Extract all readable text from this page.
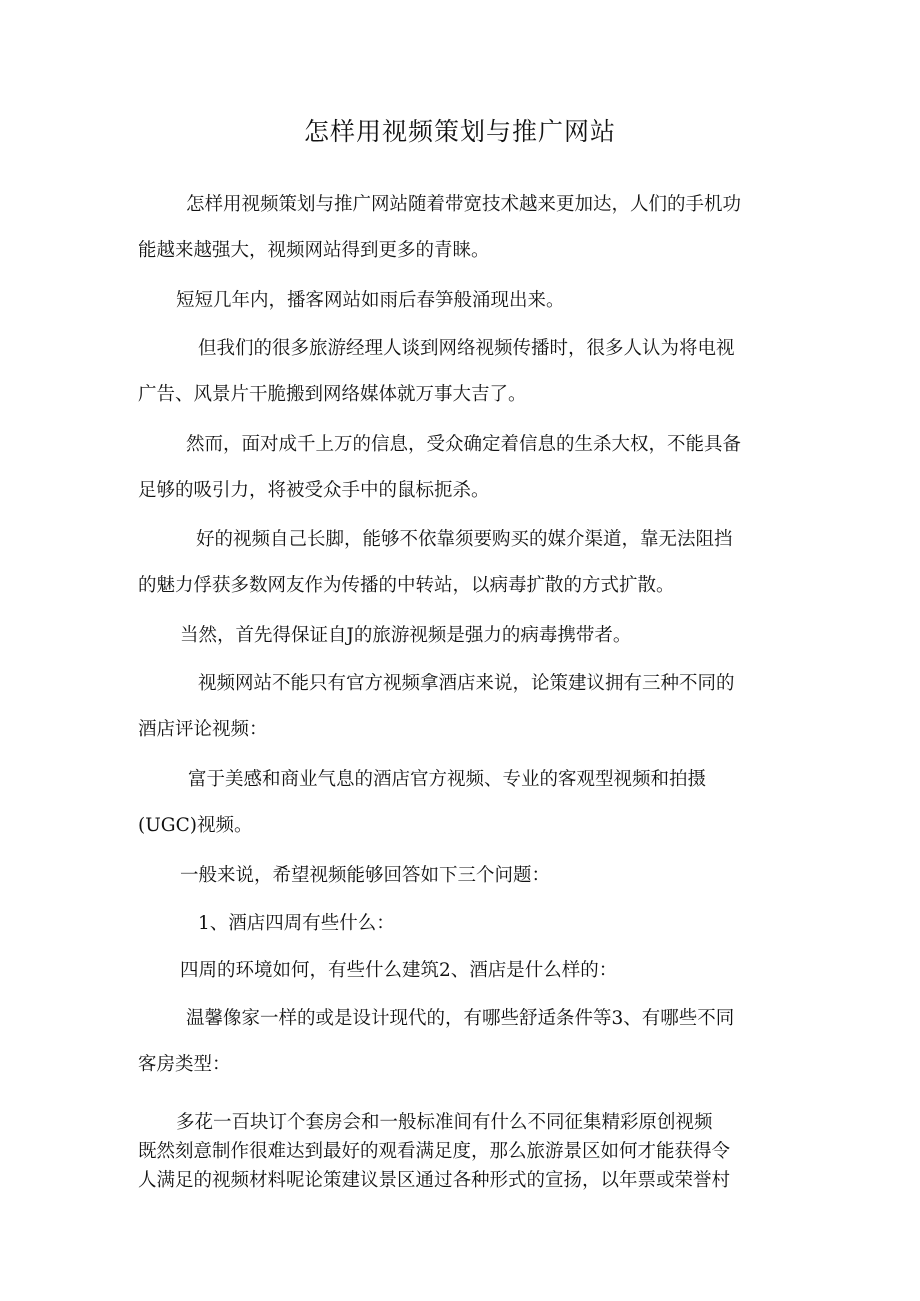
怎样用视频策划与推广网站
怎样用视频策划与推广网站随着带宽技术越来更加达，人们的手机功
能越来越强大，视频网站得到更多的青睐。
短短几年内，播客网站如雨后春笋般涌现出来。
但我们的很多旅游经理人谈到网络视频传播时，很多人认为将电视
广告、风景片干脆搬到网络媒体就万事大吉了。
然而，面对成千上万的信息，受众确定着信息的生杀大权，不能具备
足够的吸引力，将被受众手中的鼠标扼杀。
好的视频自己长脚，能够不依靠须要购买的媒介渠道，靠无法阻挡
的魅力俘获多数网友作为传播的中转站，以病毒扩散的方式扩散。
当然，首先得保证自J的旅游视频是强力的病毒携带者。
视频网站不能只有官方视频拿酒店来说，论策建议拥有三种不同的
酒店评论视频：
富于美感和商业气息的酒店官方视频、专业的客观型视频和拍摄
(UGC)视频。
一般来说，希望视频能够回答如下三个问题：
1、酒店四周有些什么：
四周的环境如何，有些什么建筑2、酒店是什么样的：
温馨像家一样的或是设计现代的，有哪些舒适条件等3、有哪些不同
客房类型：
多花一百块订个套房会和一般标准间有什么不同征集精彩原创视频
既然刻意制作很难达到最好的观看满足度，那么旅游景区如何才能获得令
人满足的视频材料呢论策建议景区通过各种形式的宣扬，以年票或荣誉村
